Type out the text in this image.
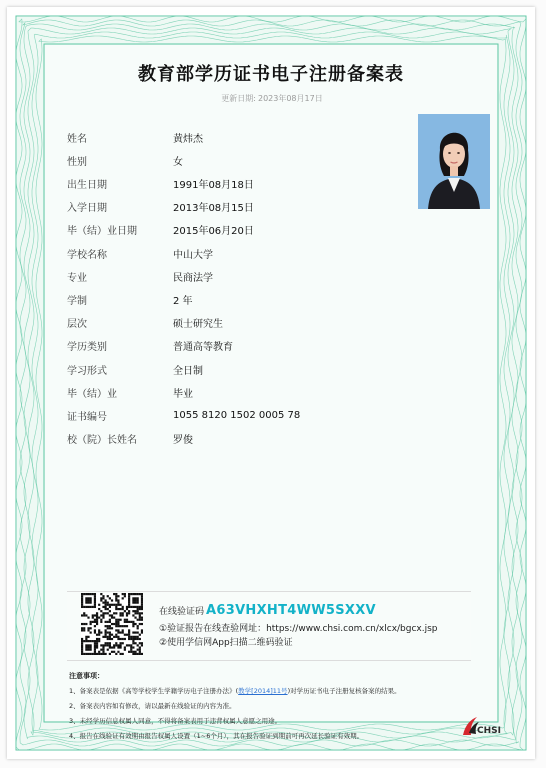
教育部学历证书电子注册备案表
更新日期: 2023年08月17日
姓名	黄炜杰
性别	女
出生日期	1991年08月18日
入学日期	2013年08月15日
毕（结）业日期	2015年06月20日
学校名称	中山大学
专业	民商法学
学制	2 年
层次	硕士研究生
学历类别	普通高等教育
学习形式	全日制
毕（结）业	毕业
证书编号	1055 8120 1502 0005 78
校（院）长姓名	罗俊
在线验证码 A63VHXHT4WW5SXXV
①验证报告在线查验网址：https://www.chsi.com.cn/xlcx/bgcx.jsp
②使用学信网App扫描二维码验证
注意事项：
1、备案表是依据《高等学校学生学籍学历电子注册办法》(教学[2014]11号)对学历证书电子注册复核备案的结果。
2、备案表内容如有修改，请以最新在线验证的内容为准。
3、未经学历信息权属人同意，不得将备案表用于违背权属人意愿之用途。
4、报告在线验证有效期由报告权属人设置（1~6个月），其在报告验证到期前可再次延长验证有效期。	CHSI
